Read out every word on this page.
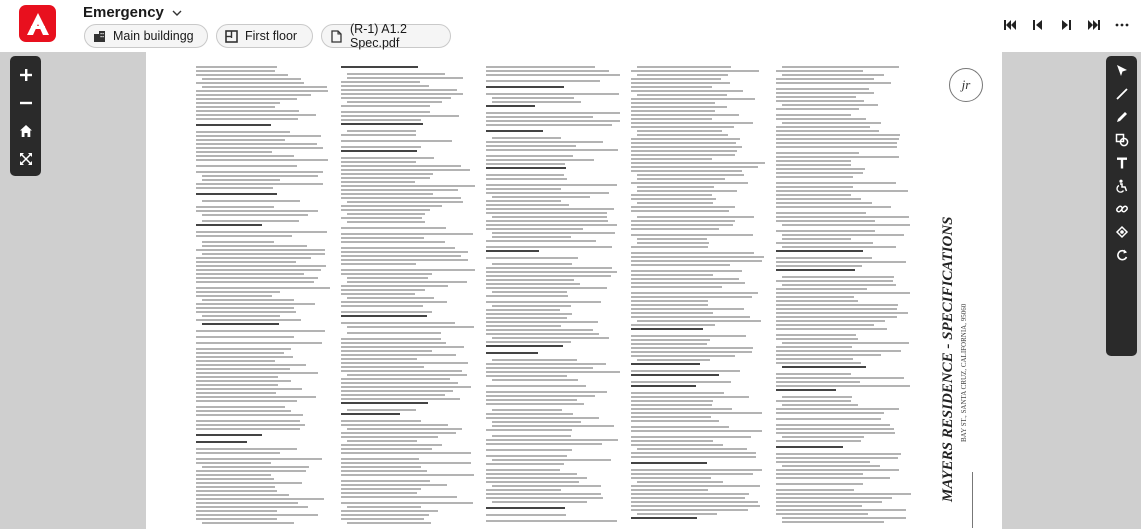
Emergency
Main buildingg	First floor	(R-1) A1.2 Spec.pdf
jr
MAYERS RESIDENCE - SPECIFICATIONS BAY ST., SANTA CRUZ, CALIFORNIA, 95060
